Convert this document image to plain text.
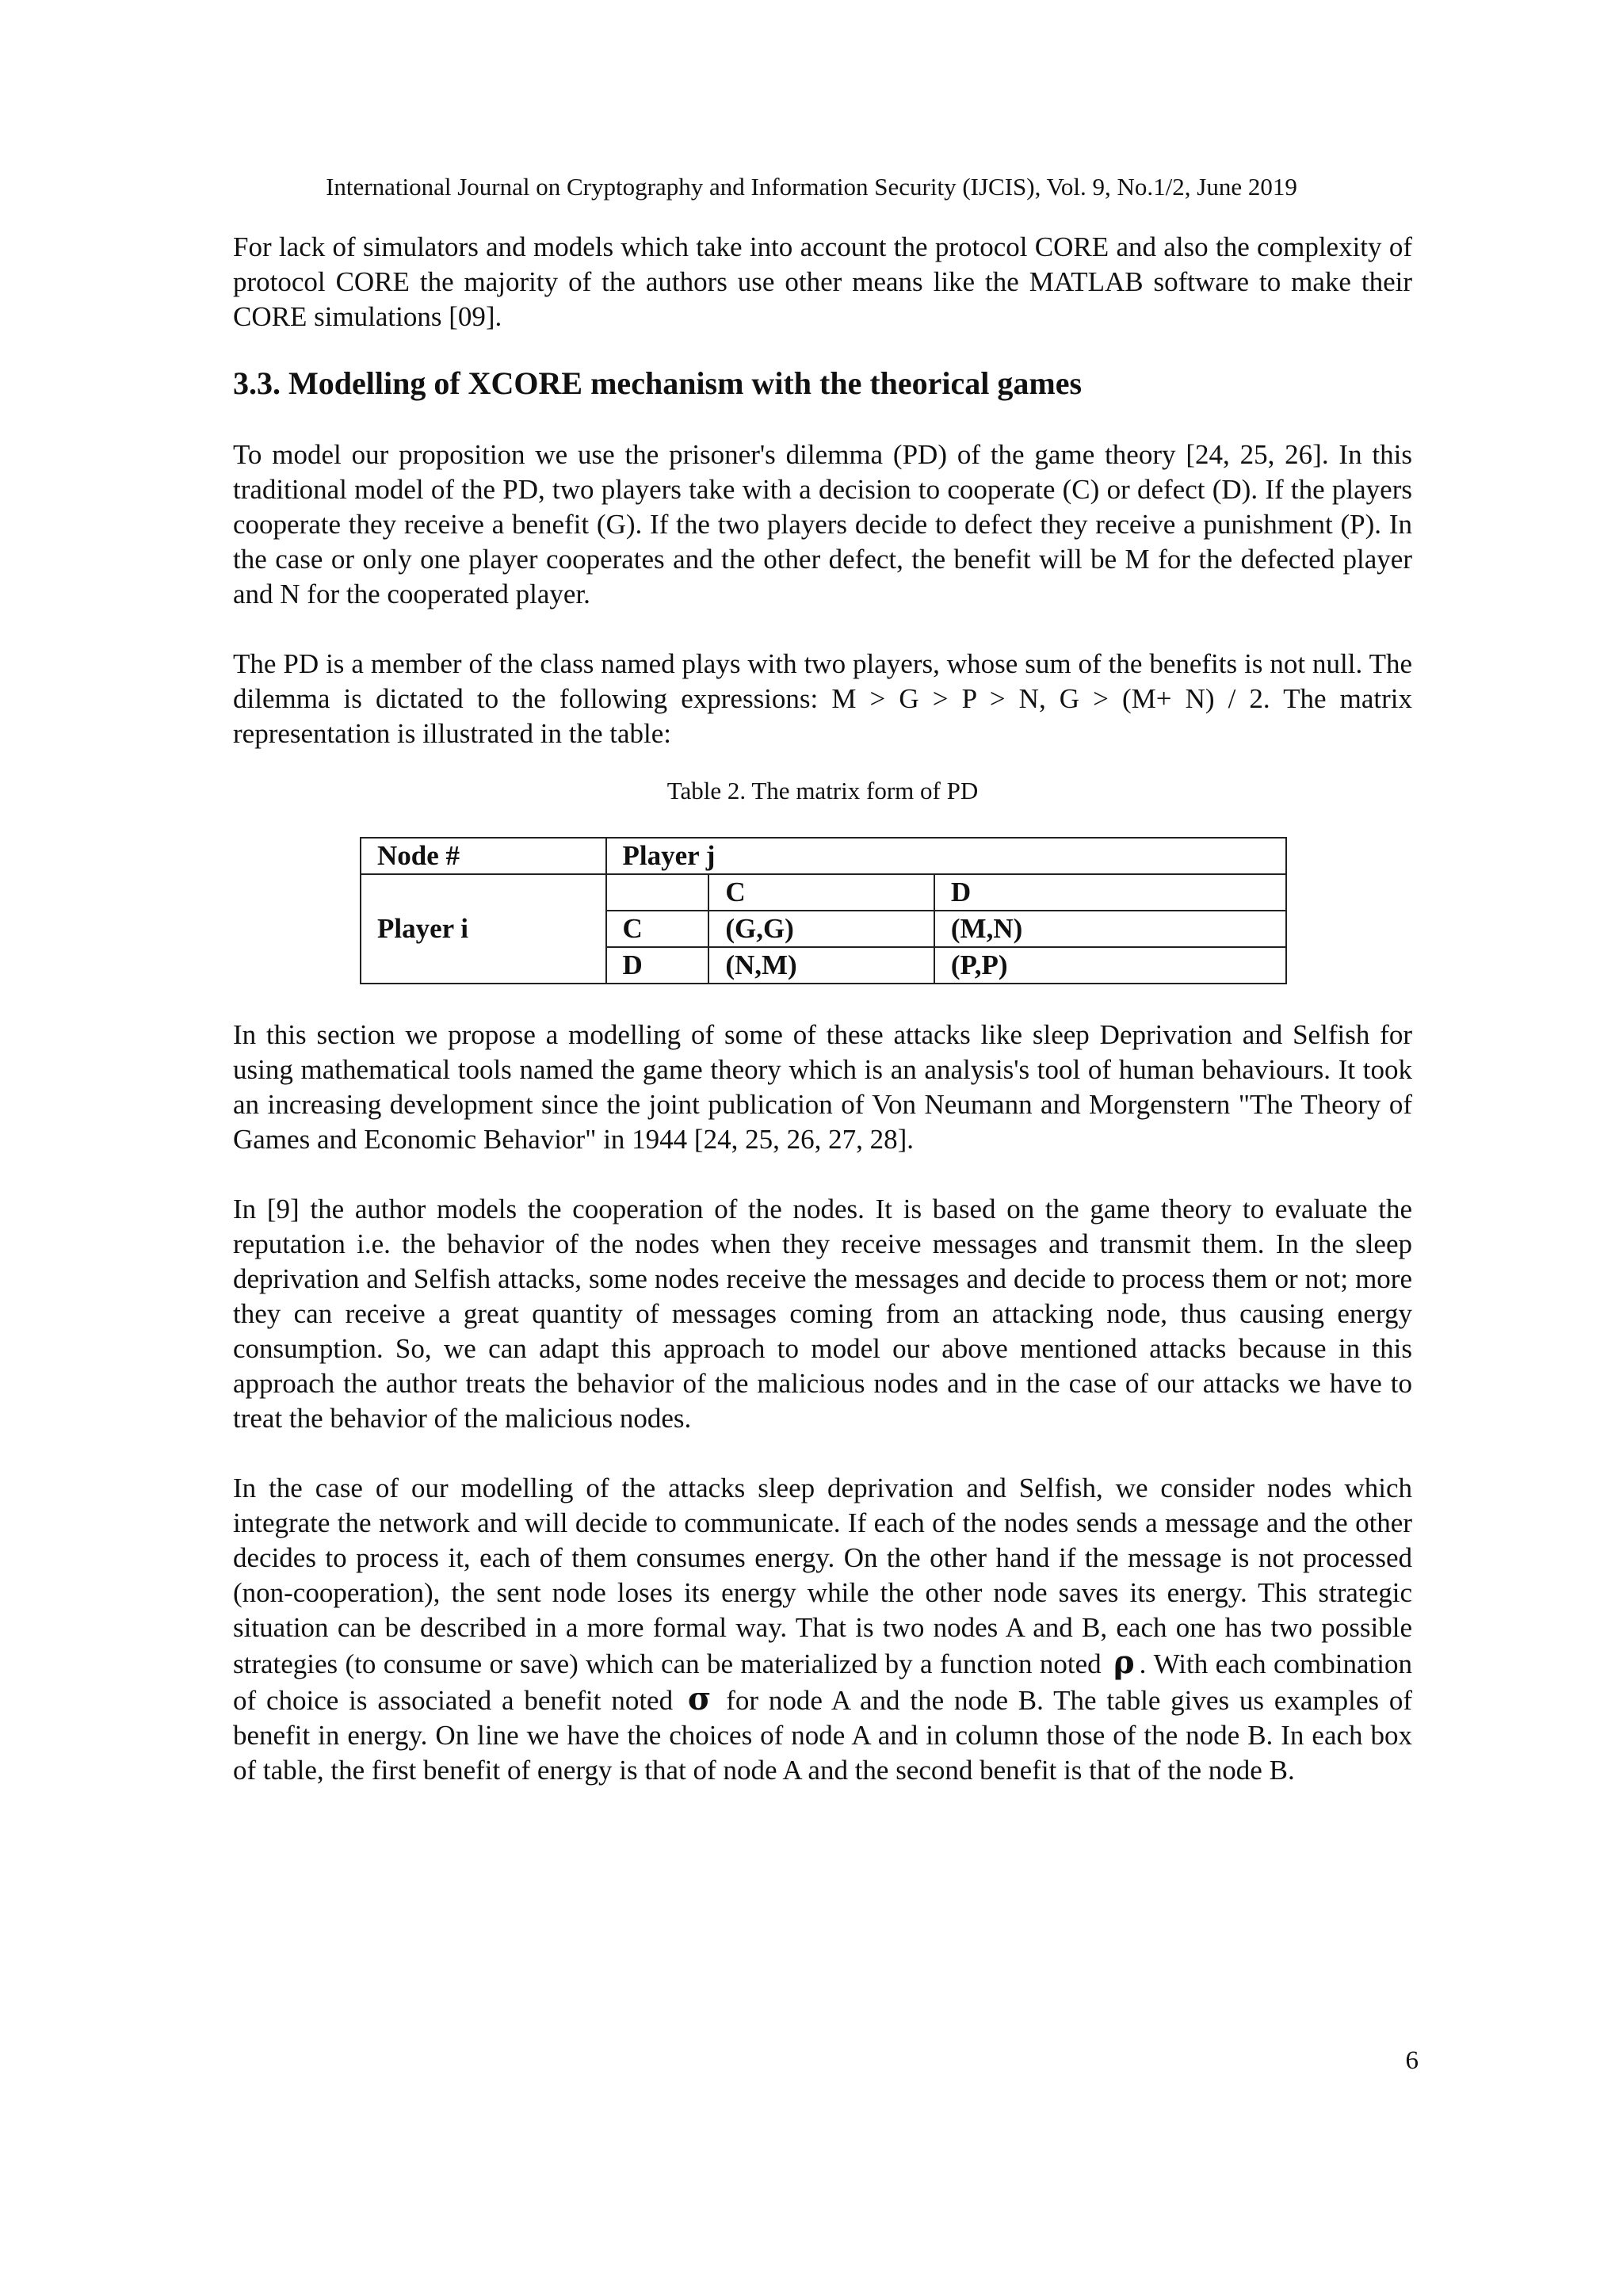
International Journal on Cryptography and Information Security (IJCIS), Vol. 9, No.1/2, June 2019

For lack of simulators and models which take into account the protocol CORE and also the complexity of protocol CORE the majority of the authors use other means like the MATLAB software to make their CORE simulations [09].

3.3. Modelling of XCORE mechanism with the theorical games

To model our proposition we use the prisoner's dilemma (PD) of the game theory [24, 25, 26]. In this traditional model of the PD, two players take with a decision to cooperate (C) or defect (D). If the players cooperate they receive a benefit (G). If the two players decide to defect they receive a punishment (P). In the case or only one player cooperates and the other defect, the benefit will be M for the defected player and N for the cooperated player.

The PD is a member of the class named plays with two players, whose sum of the benefits is not null. The dilemma is dictated to the following expressions: M > G > P > N, G > (M+ N) / 2. The matrix representation is illustrated in the table:

Table 2. The matrix form of PD

Node #	Player j		
Player i		C	D
	C	(G,G)	(M,N)
	D	(N,M)	(P,P)

In this section we propose a modelling of some of these attacks like sleep Deprivation and Selfish for using mathematical tools named the game theory which is an analysis's tool of human behaviours. It took an increasing development since the joint publication of Von Neumann and Morgenstern "The Theory of Games and Economic Behavior" in 1944 [24, 25, 26, 27, 28].

In [9] the author models the cooperation of the nodes. It is based on the game theory to evaluate the reputation i.e. the behavior of the nodes when they receive messages and transmit them. In the sleep deprivation and Selfish attacks, some nodes receive the messages and decide to process them or not; more they can receive a great quantity of messages coming from an attacking node, thus causing energy consumption. So, we can adapt this approach to model our above mentioned attacks because in this approach the author treats the behavior of the malicious nodes and in the case of our attacks we have to treat the behavior of the malicious nodes.

In the case of our modelling of the attacks sleep deprivation and Selfish, we consider nodes which integrate the network and will decide to communicate. If each of the nodes sends a message and the other decides to process it, each of them consumes energy. On the other hand if the message is not processed (non-cooperation), the sent node loses its energy while the other node saves its energy. This strategic situation can be described in a more formal way. That is two nodes A and B, each one has two possible strategies (to consume or save) which can be materialized by a function noted ρ . With each combination of choice is associated a benefit noted σ for node A and the node B. The table gives us examples of benefit in energy. On line we have the choices of node A and in column those of the node B. In each box of table, the first benefit of energy is that of node A and the second benefit is that of the node B.

6
